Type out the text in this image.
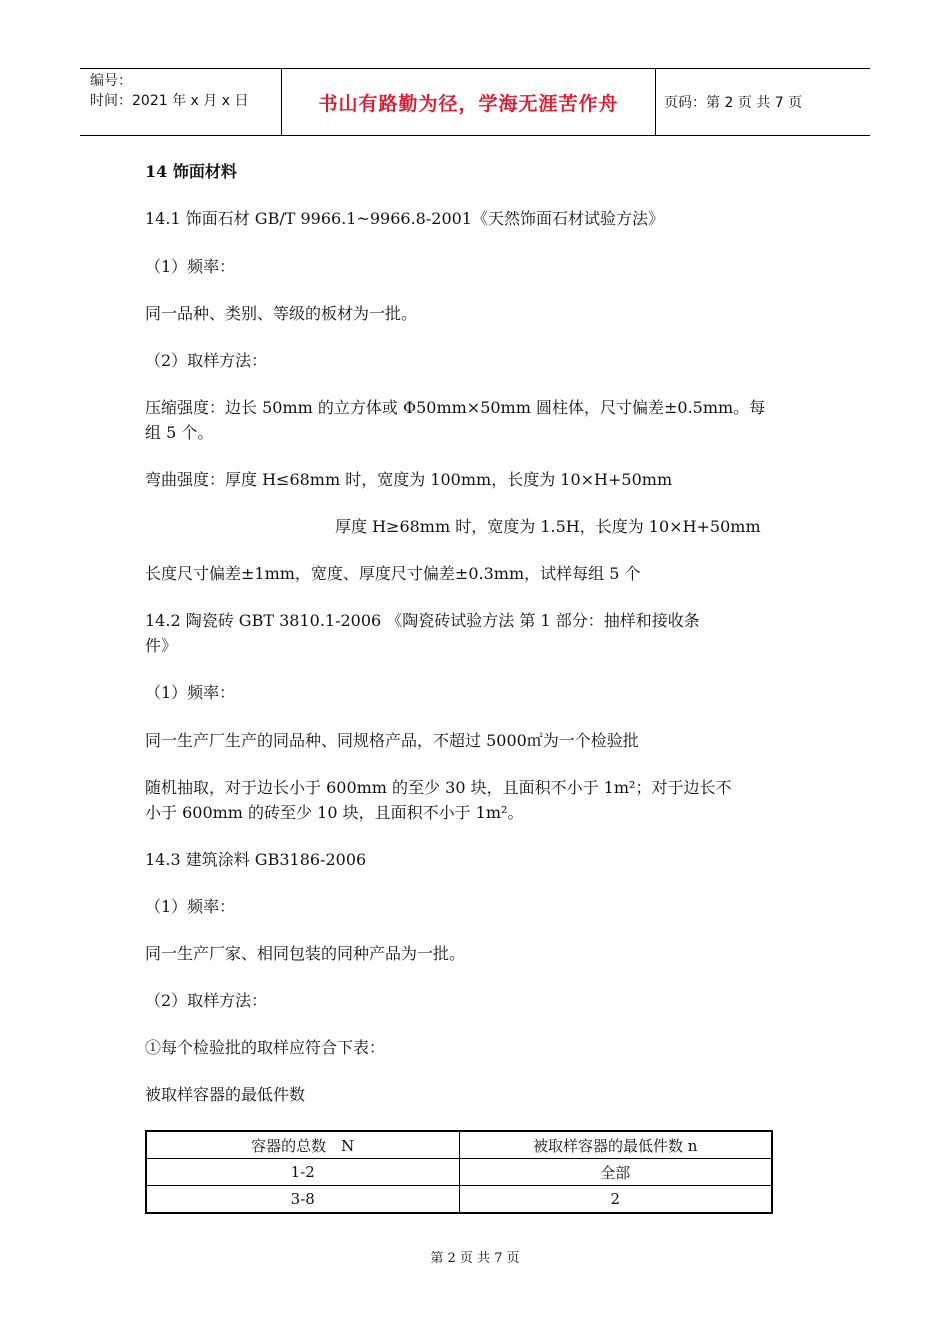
编号：
时间：2021 年 x 月 x 日	书山有路勤为径，学海无涯苦作舟	页码：第 2 页 共 7 页
14 饰面材料
14.1 饰面石材 GB/T 9966.1~9966.8-2001《天然饰面石材试验方法》
（1）频率：
同一品种、类别、等级的板材为一批。
（2）取样方法：
压缩强度：边长 50mm 的立方体或 Φ50mm×50mm 圆柱体，尺寸偏差±0.5mm。每
组 5 个。
弯曲强度：厚度 H≤68mm 时，宽度为 100mm，长度为 10×H+50mm
厚度 H≥68mm 时，宽度为 1.5H，长度为 10×H+50mm
长度尺寸偏差±1mm，宽度、厚度尺寸偏差±0.3mm，试样每组 5 个
14.2 陶瓷砖 GBT 3810.1-2006 《陶瓷砖试验方法 第 1 部分：抽样和接收条
件》
（1）频率：
同一生产厂生产的同品种、同规格产品，不超过 5000㎡为一个检验批
随机抽取，对于边长小于 600mm 的至少 30 块，且面积不小于 1m²；对于边长不
小于 600mm 的砖至少 10 块，且面积不小于 1m²。
14.3 建筑涂料 GB3186-2006
（1）频率：
同一生产厂家、相同包装的同种产品为一批。
（2）取样方法：
①每个检验批的取样应符合下表：
被取样容器的最低件数
容器的总数　N	被取样容器的最低件数 n
1-2	全部
3-8	2
第 2 页 共 7 页
